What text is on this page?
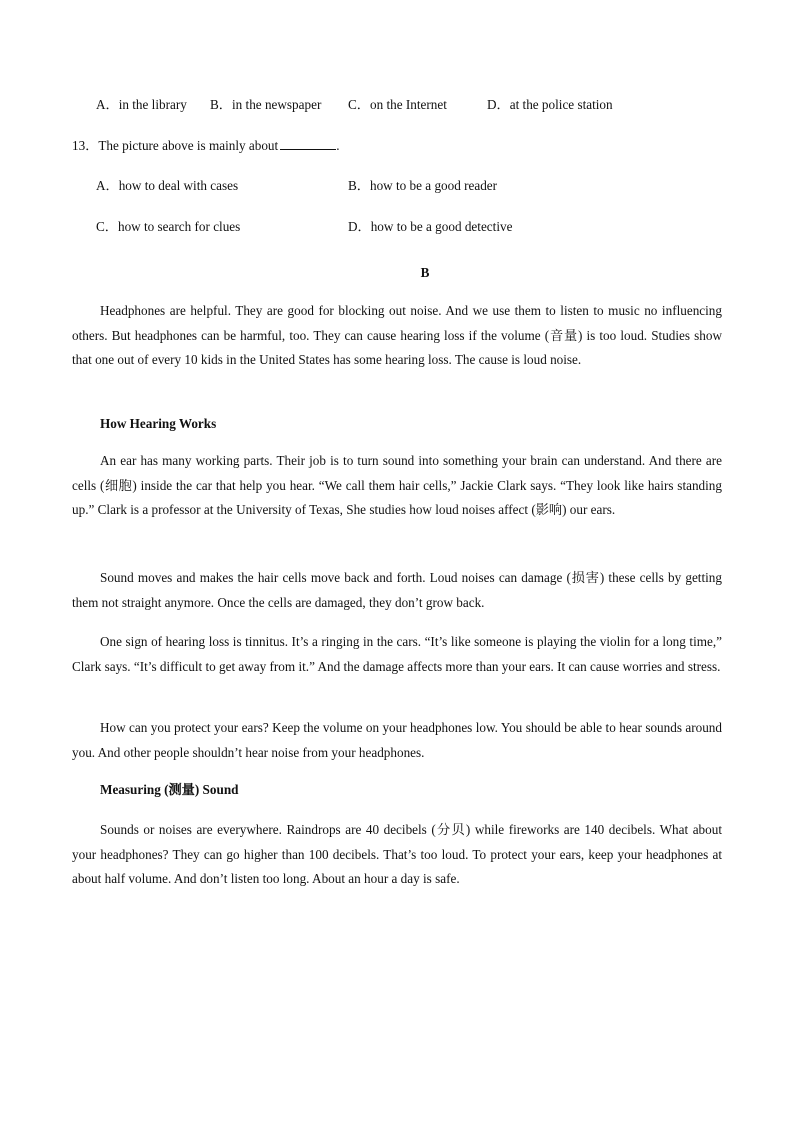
A．in the library B．in the newspaper C．on the Internet	D．at the police station
13．The picture above is mainly about	.
A．how to deal with cases	B．how to be a good reader
C．how to search for clues	D．how to be a good detective
B
Headphones are helpful. They are good for blocking out noise. And we use them to listen to music no influencing others. But headphones can be harmful, too. They can cause hearing loss if the volume (音量) is too loud. Studies show that one out of every 10 kids in the United States has some hearing loss. The cause is loud noise.
How Hearing Works
An ear has many working parts. Their job is to turn sound into something your brain can understand. And there are cells (细胞) inside the car that help you hear. “We call them hair cells,” Jackie Clark says. “They look like hairs standing up.” Clark is a professor at the University of Texas, She studies how loud noises affect (影响) our ears.
Sound moves and makes the hair cells move back and forth. Loud noises can damage (损害) these cells by getting them not straight anymore. Once the cells are damaged, they don’t grow back.
One sign of hearing loss is tinnitus. It’s a ringing in the cars. “It’s like someone is playing the violin for a long time,” Clark says. “It’s difficult to get away from it.” And the damage affects more than your ears. It can cause worries and stress.
How can you protect your ears? Keep the volume on your headphones low. You should be able to hear sounds around you. And other people shouldn’t hear noise from your headphones.
Measuring (测量) Sound
Sounds or noises are everywhere. Raindrops are 40 decibels (分贝) while fireworks are 140 decibels. What about your headphones? They can go higher than 100 decibels. That’s too loud. To protect your ears, keep your headphones at about half volume. And don’t listen too long. About an hour a day is safe.
